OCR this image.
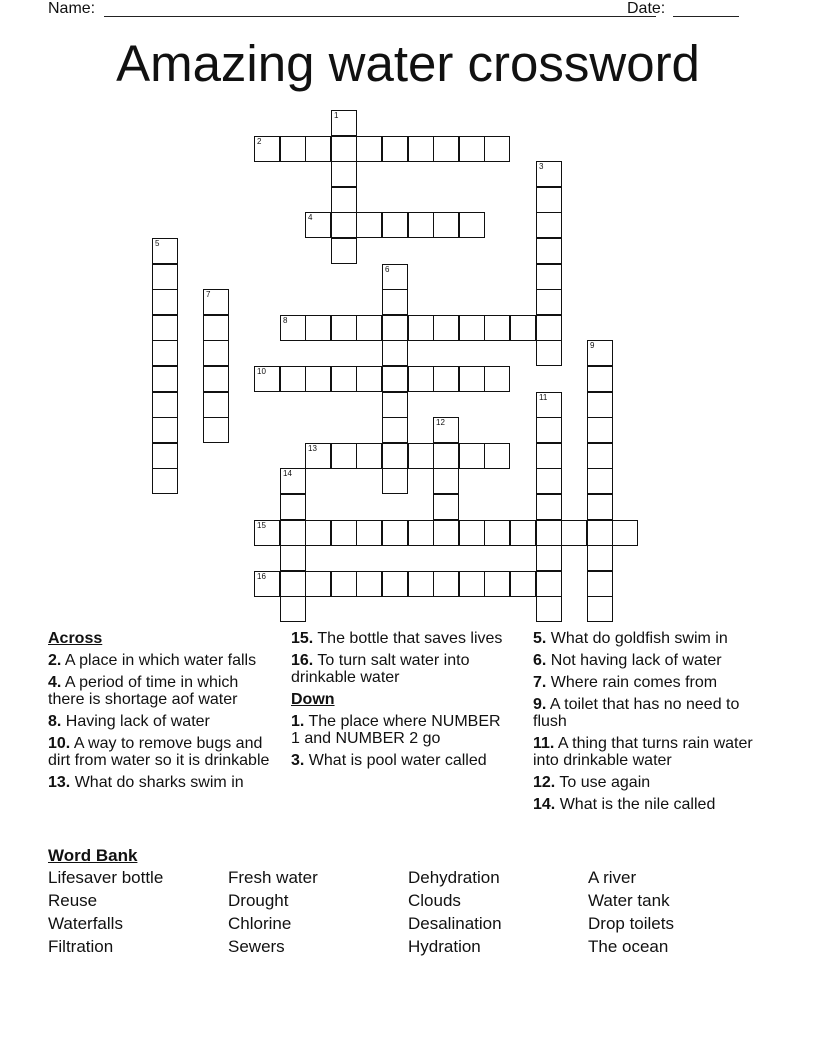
Name:	Date:
Amazing water crossword
1
2
3
4
5
6
7
8
9
10
11
12
13
14
15
16
Across
2. A place in which water falls
4. A period of time in which there is shortage aof water
8. Having lack of water
10. A way to remove bugs and dirt from water so it is drinkable
13. What do sharks swim in
15. The bottle that saves lives
16. To turn salt water into drinkable water
Down
1. The place where NUMBER 1 and NUMBER 2 go
3. What is pool water called
5. What do goldfish swim in
6. Not having lack of water
7. Where rain comes from
9. A toilet that has no need to flush
11. A thing that turns rain water into drinkable water
12. To use again
14. What is the nile called
Word Bank
Lifesaver bottle	Fresh water	Dehydration	A river
Reuse	Drought	Clouds	Water tank
Waterfalls	Chlorine	Desalination	Drop toilets
Filtration	Sewers	Hydration	The ocean
